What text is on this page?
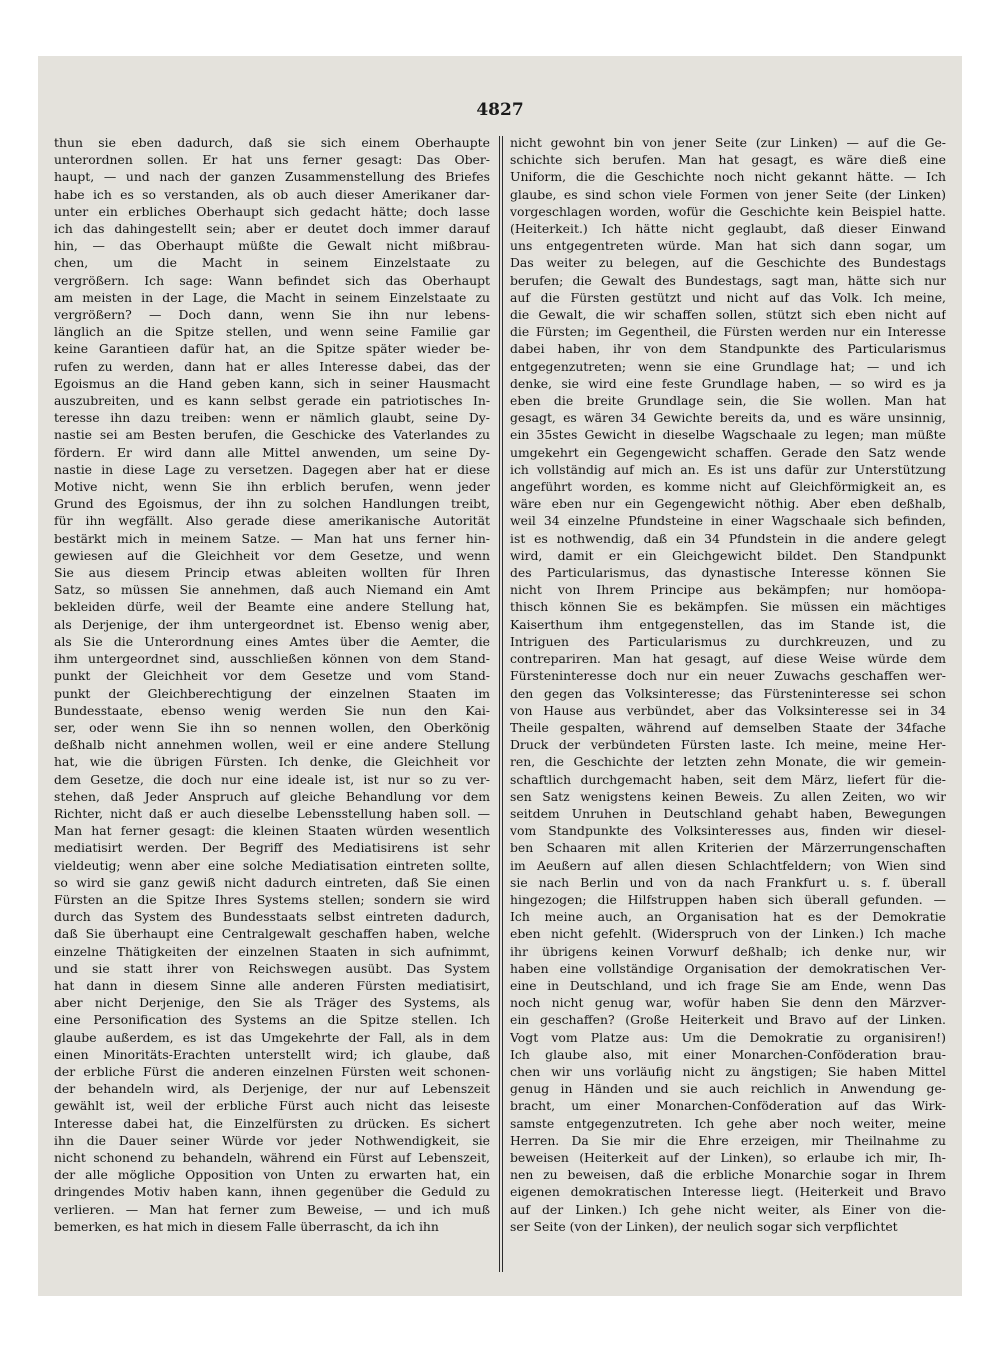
4827
thun sie eben dadurch, daß sie sich einem Oberhaupte
unterordnen sollen. Er hat uns ferner gesagt: Das Ober-
haupt, — und nach der ganzen Zusammenstellung des Briefes
habe ich es so verstanden, als ob auch dieser Amerikaner dar-
unter ein erbliches Oberhaupt sich gedacht hätte; doch lasse
ich das dahingestellt sein; aber er deutet doch immer darauf
hin, — das Oberhaupt müßte die Gewalt nicht mißbrau-
chen, um die Macht in seinem Einzelstaate zu
vergrößern. Ich sage: Wann befindet sich das Oberhaupt
am meisten in der Lage, die Macht in seinem Einzelstaate zu
vergrößern? — Doch dann, wenn Sie ihn nur lebens-
länglich an die Spitze stellen, und wenn seine Familie gar
keine Garantieen dafür hat, an die Spitze später wieder be-
rufen zu werden, dann hat er alles Interesse dabei, das der
Egoismus an die Hand geben kann, sich in seiner Hausmacht
auszubreiten, und es kann selbst gerade ein patriotisches In-
teresse ihn dazu treiben: wenn er nämlich glaubt, seine Dy-
nastie sei am Besten berufen, die Geschicke des Vaterlandes zu
fördern. Er wird dann alle Mittel anwenden, um seine Dy-
nastie in diese Lage zu versetzen. Dagegen aber hat er diese
Motive nicht, wenn Sie ihn erblich berufen, wenn jeder
Grund des Egoismus, der ihn zu solchen Handlungen treibt,
für ihn wegfällt. Also gerade diese amerikanische Autorität
bestärkt mich in meinem Satze. — Man hat uns ferner hin-
gewiesen auf die Gleichheit vor dem Gesetze, und wenn
Sie aus diesem Princip etwas ableiten wollten für Ihren
Satz, so müssen Sie annehmen, daß auch Niemand ein Amt
bekleiden dürfe, weil der Beamte eine andere Stellung hat,
als Derjenige, der ihm untergeordnet ist. Ebenso wenig aber,
als Sie die Unterordnung eines Amtes über die Aemter, die
ihm untergeordnet sind, ausschließen können von dem Stand-
punkt der Gleichheit vor dem Gesetze und vom Stand-
punkt der Gleichberechtigung der einzelnen Staaten im
Bundesstaate, ebenso wenig werden Sie nun den Kai-
ser, oder wenn Sie ihn so nennen wollen, den Oberkönig
deßhalb nicht annehmen wollen, weil er eine andere Stellung
hat, wie die übrigen Fürsten. Ich denke, die Gleichheit vor
dem Gesetze, die doch nur eine ideale ist, ist nur so zu ver-
stehen, daß Jeder Anspruch auf gleiche Behandlung vor dem
Richter, nicht daß er auch dieselbe Lebensstellung haben soll. —
Man hat ferner gesagt: die kleinen Staaten würden wesentlich
mediatisirt werden. Der Begriff des Mediatisirens ist sehr
vieldeutig; wenn aber eine solche Mediatisation eintreten sollte,
so wird sie ganz gewiß nicht dadurch eintreten, daß Sie einen
Fürsten an die Spitze Ihres Systems stellen; sondern sie wird
durch das System des Bundesstaats selbst eintreten dadurch,
daß Sie überhaupt eine Centralgewalt geschaffen haben, welche
einzelne Thätigkeiten der einzelnen Staaten in sich aufnimmt,
und sie statt ihrer von Reichswegen ausübt. Das System
hat dann in diesem Sinne alle anderen Fürsten mediatisirt,
aber nicht Derjenige, den Sie als Träger des Systems, als
eine Personification des Systems an die Spitze stellen. Ich
glaube außerdem, es ist das Umgekehrte der Fall, als in dem
einen Minoritäts-Erachten unterstellt wird; ich glaube, daß
der erbliche Fürst die anderen einzelnen Fürsten weit schonen-
der behandeln wird, als Derjenige, der nur auf Lebenszeit
gewählt ist, weil der erbliche Fürst auch nicht das leiseste
Interesse dabei hat, die Einzelfürsten zu drücken. Es sichert
ihn die Dauer seiner Würde vor jeder Nothwendigkeit, sie
nicht schonend zu behandeln, während ein Fürst auf Lebenszeit,
der alle mögliche Opposition von Unten zu erwarten hat, ein
dringendes Motiv haben kann, ihnen gegenüber die Geduld zu
verlieren. — Man hat ferner zum Beweise, — und ich muß
bemerken, es hat mich in diesem Falle überrascht, da ich ihn
nicht gewohnt bin von jener Seite (zur Linken) — auf die Ge-
schichte sich berufen. Man hat gesagt, es wäre dieß eine
Uniform, die die Geschichte noch nicht gekannt hätte. — Ich
glaube, es sind schon viele Formen von jener Seite (der Linken)
vorgeschlagen worden, wofür die Geschichte kein Beispiel hatte.
(Heiterkeit.) Ich hätte nicht geglaubt, daß dieser Einwand
uns entgegentreten würde. Man hat sich dann sogar, um
Das weiter zu belegen, auf die Geschichte des Bundestags
berufen; die Gewalt des Bundestags, sagt man, hätte sich nur
auf die Fürsten gestützt und nicht auf das Volk. Ich meine,
die Gewalt, die wir schaffen sollen, stützt sich eben nicht auf
die Fürsten; im Gegentheil, die Fürsten werden nur ein Interesse
dabei haben, ihr von dem Standpunkte des Particularismus
entgegenzutreten; wenn sie eine Grundlage hat; — und ich
denke, sie wird eine feste Grundlage haben, — so wird es ja
eben die breite Grundlage sein, die Sie wollen. Man hat
gesagt, es wären 34 Gewichte bereits da, und es wäre unsinnig,
ein 35stes Gewicht in dieselbe Wagschaale zu legen; man müßte
umgekehrt ein Gegengewicht schaffen. Gerade den Satz wende
ich vollständig auf mich an. Es ist uns dafür zur Unterstützung
angeführt worden, es komme nicht auf Gleichförmigkeit an, es
wäre eben nur ein Gegengewicht nöthig. Aber eben deßhalb,
weil 34 einzelne Pfundsteine in einer Wagschaale sich befinden,
ist es nothwendig, daß ein 34 Pfundstein in die andere gelegt
wird, damit er ein Gleichgewicht bildet. Den Standpunkt
des Particularismus, das dynastische Interesse können Sie
nicht von Ihrem Principe aus bekämpfen; nur homöopa-
thisch können Sie es bekämpfen. Sie müssen ein mächtiges
Kaiserthum ihm entgegenstellen, das im Stande ist, die
Intriguen des Particularismus zu durchkreuzen, und zu
contrepariren. Man hat gesagt, auf diese Weise würde dem
Fürsteninteresse doch nur ein neuer Zuwachs geschaffen wer-
den gegen das Volksinteresse; das Fürsteninteresse sei schon
von Hause aus verbündet, aber das Volksinteresse sei in 34
Theile gespalten, während auf demselben Staate der 34fache
Druck der verbündeten Fürsten laste. Ich meine, meine Her-
ren, die Geschichte der letzten zehn Monate, die wir gemein-
schaftlich durchgemacht haben, seit dem März, liefert für die-
sen Satz wenigstens keinen Beweis. Zu allen Zeiten, wo wir
seitdem Unruhen in Deutschland gehabt haben, Bewegungen
vom Standpunkte des Volksinteresses aus, finden wir diesel-
ben Schaaren mit allen Kriterien der Märzerrungenschaften
im Aeußern auf allen diesen Schlachtfeldern; von Wien sind
sie nach Berlin und von da nach Frankfurt u. s. f. überall
hingezogen; die Hilfstruppen haben sich überall gefunden. —
Ich meine auch, an Organisation hat es der Demokratie
eben nicht gefehlt. (Widerspruch von der Linken.) Ich mache
ihr übrigens keinen Vorwurf deßhalb; ich denke nur, wir
haben eine vollständige Organisation der demokratischen Ver-
eine in Deutschland, und ich frage Sie am Ende, wenn Das
noch nicht genug war, wofür haben Sie denn den Märzver-
ein geschaffen? (Große Heiterkeit und Bravo auf der Linken.
Vogt vom Platze aus: Um die Demokratie zu organisiren!)
Ich glaube also, mit einer Monarchen-Conföderation brau-
chen wir uns vorläufig nicht zu ängstigen; Sie haben Mittel
genug in Händen und sie auch reichlich in Anwendung ge-
bracht, um einer Monarchen-Conföderation auf das Wirk-
samste entgegenzutreten. Ich gehe aber noch weiter, meine
Herren. Da Sie mir die Ehre erzeigen, mir Theilnahme zu
beweisen (Heiterkeit auf der Linken), so erlaube ich mir, Ih-
nen zu beweisen, daß die erbliche Monarchie sogar in Ihrem
eigenen demokratischen Interesse liegt. (Heiterkeit und Bravo
auf der Linken.) Ich gehe nicht weiter, als Einer von die-
ser Seite (von der Linken), der neulich sogar sich verpflichtet
